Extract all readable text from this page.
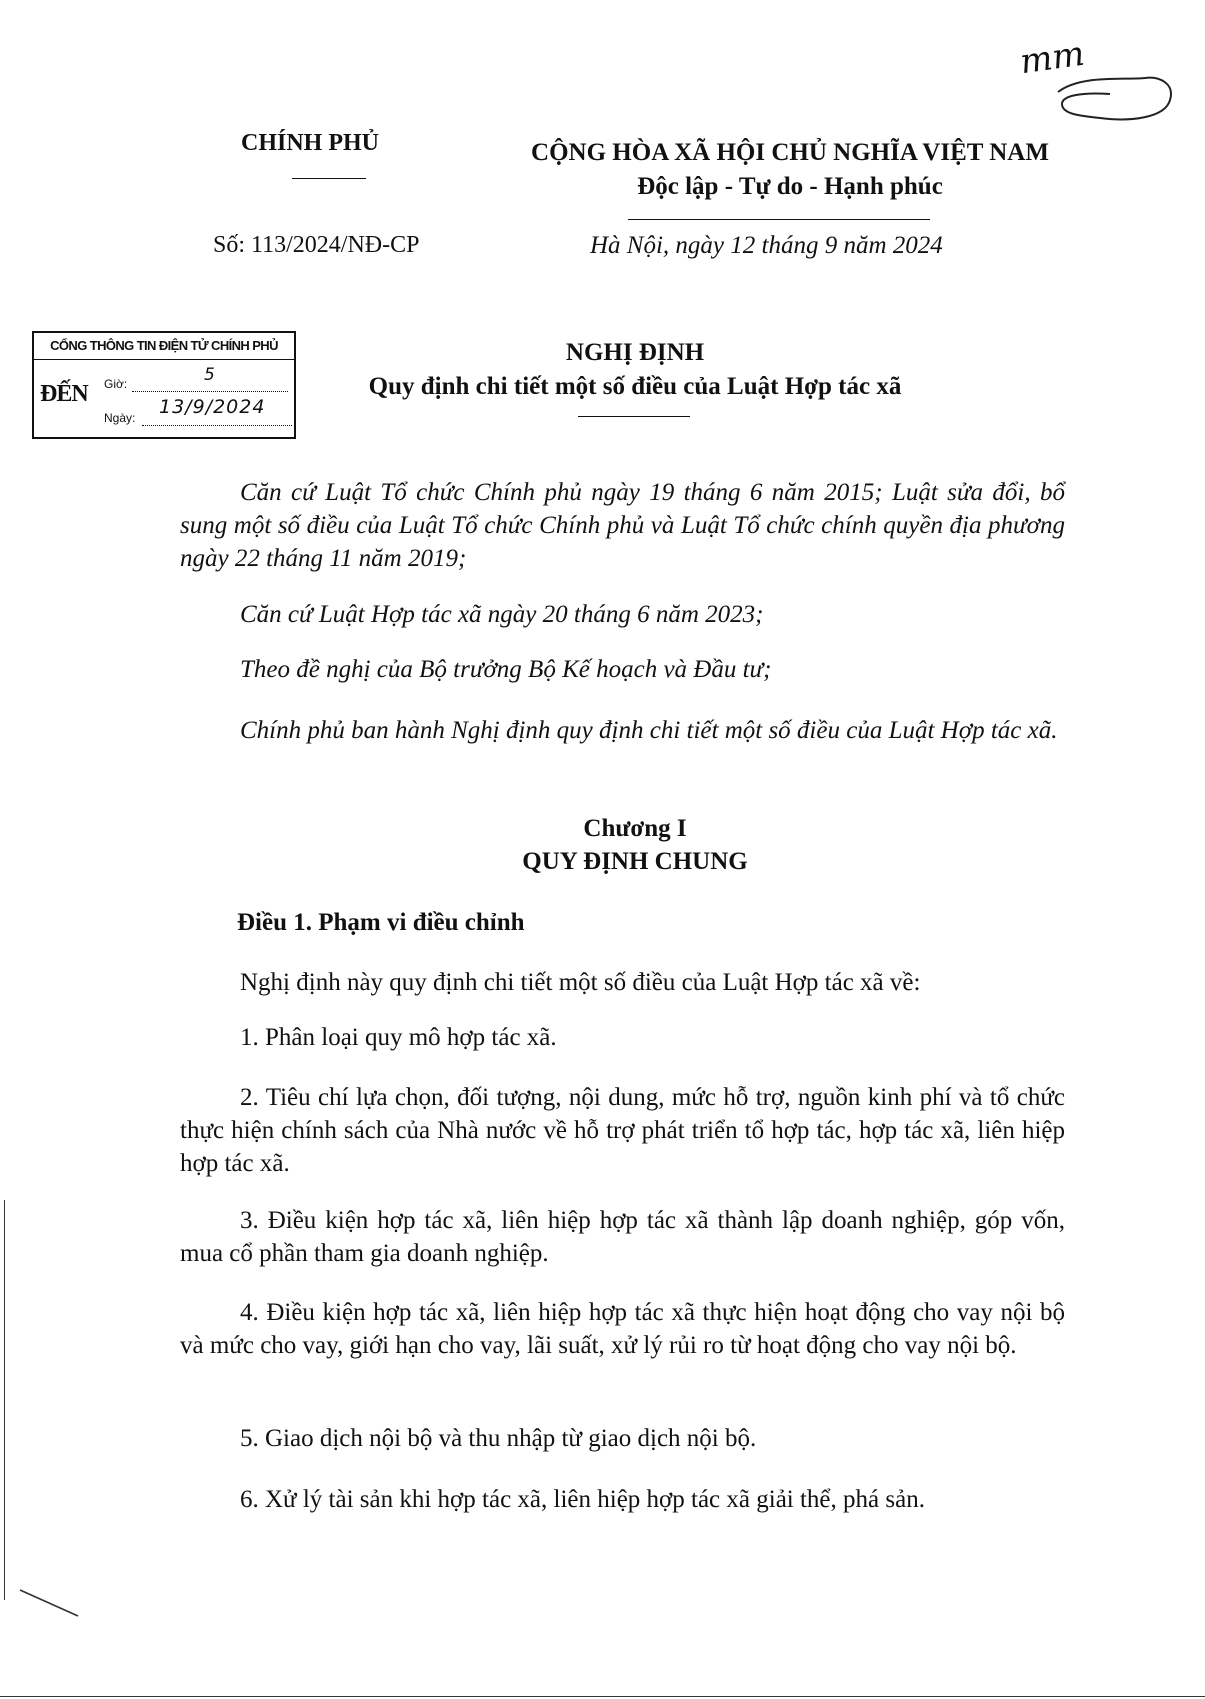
mm
CHÍNH PHỦ	CỘNG HÒA XÃ HỘI CHỦ NGHĨA VIỆT NAM
Độc lập - Tự do - Hạnh phúc
Số: 113/2024/NĐ-CP	Hà Nội, ngày 12 tháng 9 năm 2024
CỔNG THÔNG TIN ĐIỆN TỬ CHÍNH PHỦ
ĐẾN Giờ:	5
Ngày: 13/9/2024
NGHỊ ĐỊNH
Quy định chi tiết một số điều của Luật Hợp tác xã
Căn cứ Luật Tổ chức Chính phủ ngày 19 tháng 6 năm 2015; Luật sửa đổi, bổ sung một số điều của Luật Tổ chức Chính phủ và Luật Tổ chức chính quyền địa phương ngày 22 tháng 11 năm 2019;
Căn cứ Luật Hợp tác xã ngày 20 tháng 6 năm 2023;
Theo đề nghị của Bộ trưởng Bộ Kế hoạch và Đầu tư;
Chính phủ ban hành Nghị định quy định chi tiết một số điều của Luật Hợp tác xã.
Chương I
QUY ĐỊNH CHUNG
Điều 1. Phạm vi điều chỉnh
Nghị định này quy định chi tiết một số điều của Luật Hợp tác xã về:
1. Phân loại quy mô hợp tác xã.
2. Tiêu chí lựa chọn, đối tượng, nội dung, mức hỗ trợ, nguồn kinh phí và tổ chức thực hiện chính sách của Nhà nước về hỗ trợ phát triển tổ hợp tác, hợp tác xã, liên hiệp hợp tác xã.
3. Điều kiện hợp tác xã, liên hiệp hợp tác xã thành lập doanh nghiệp, góp vốn, mua cổ phần tham gia doanh nghiệp.
4. Điều kiện hợp tác xã, liên hiệp hợp tác xã thực hiện hoạt động cho vay nội bộ và mức cho vay, giới hạn cho vay, lãi suất, xử lý rủi ro từ hoạt động cho vay nội bộ.
5. Giao dịch nội bộ và thu nhập từ giao dịch nội bộ.
6. Xử lý tài sản khi hợp tác xã, liên hiệp hợp tác xã giải thể, phá sản.
